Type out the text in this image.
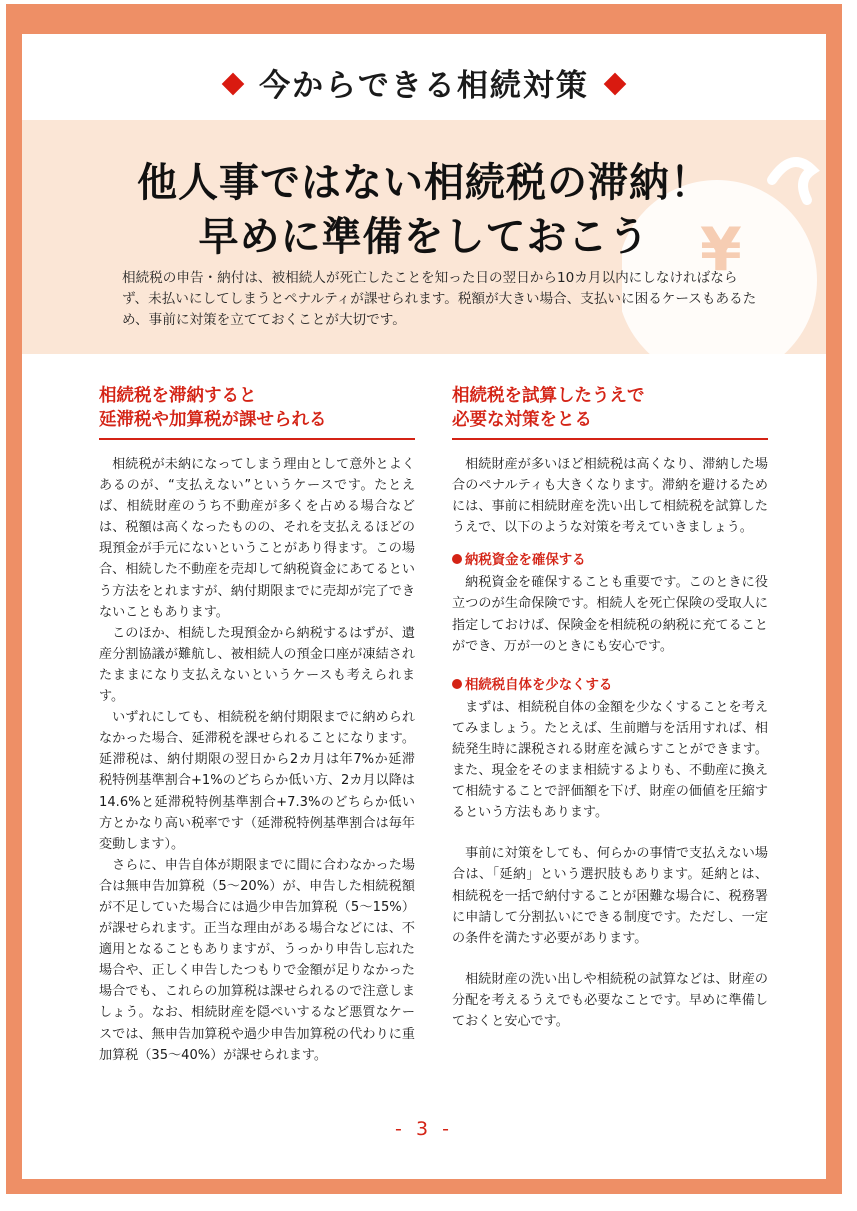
今からできる相続対策
¥
他人事ではない相続税の滞納！
早めに準備をしておこう
相続税の申告・納付は、被相続人が死亡したことを知った日の翌日から10カ月以内にしなければならず、未払いにしてしまうとペナルティが課せられます。税額が大きい場合、支払いに困るケースもあるため、事前に対策を立てておくことが大切です。
相続税を滞納すると
延滞税や加算税が課せられる

相続税が未納になってしまう理由として意外とよくあるのが、“支払えない”というケースです。たとえば、相続財産のうち不動産が多くを占める場合などは、税額は高くなったものの、それを支払えるほどの現預金が手元にないということがあり得ます。この場合、相続した不動産を売却して納税資金にあてるという方法をとれますが、納付期限までに売却が完了できないこともあります。

このほか、相続した現預金から納税するはずが、遺産分割協議が難航し、被相続人の預金口座が凍結されたままになり支払えないというケースも考えられます。

いずれにしても、相続税を納付期限までに納められなかった場合、延滞税を課せられることになります。延滞税は、納付期限の翌日から2カ月は年7%か延滞税特例基準割合+1%のどちらか低い方、2カ月以降は14.6%と延滞税特例基準割合+7.3%のどちらか低い方とかなり高い税率です（延滞税特例基準割合は毎年変動します）。

さらに、申告自体が期限までに間に合わなかった場合は無申告加算税（5～20%）が、申告した相続税額が不足していた場合には過少申告加算税（5～15%）が課せられます。正当な理由がある場合などには、不適用となることもありますが、うっかり申告し忘れた場合や、正しく申告したつもりで金額が足りなかった場合でも、これらの加算税は課せられるので注意しましょう。なお、相続財産を隠ぺいするなど悪質なケースでは、無申告加算税や過少申告加算税の代わりに重加算税（35～40%）が課せられます。

相続税を試算したうえで
必要な対策をとる

相続財産が多いほど相続税は高くなり、滞納した場合のペナルティも大きくなります。滞納を避けるためには、事前に相続財産を洗い出して相続税を試算したうえで、以下のような対策を考えていきましょう。

納税資金を確保する

納税資金を確保することも重要です。このときに役立つのが生命保険です。相続人を死亡保険の受取人に指定しておけば、保険金を相続税の納税に充てることができ、万が一のときにも安心です。

相続税自体を少なくする

まずは、相続税自体の金額を少なくすることを考えてみましょう。たとえば、生前贈与を活用すれば、相続発生時に課税される財産を減らすことができます。また、現金をそのまま相続するよりも、不動産に換えて相続することで評価額を下げ、財産の価値を圧縮するという方法もあります。

事前に対策をしても、何らかの事情で支払えない場合は、「延納」という選択肢もあります。延納とは、相続税を一括で納付することが困難な場合に、税務署に申請して分割払いにできる制度です。ただし、一定の条件を満たす必要があります。

相続財産の洗い出しや相続税の試算などは、財産の分配を考えるうえでも必要なことです。早めに準備しておくと安心です。

- 3 -
